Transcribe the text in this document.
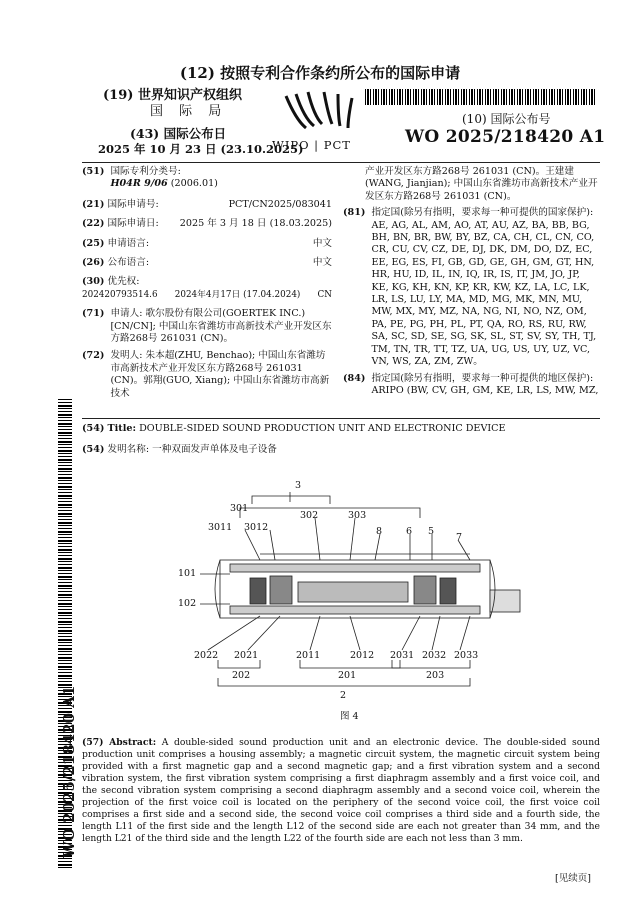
(12) 按照专利合作条约所公布的国际申请
(19) 世界知识产权组织
国 际 局
(43) 国际公布日
2025 年 10 月 23 日 (23.10.2025)
WIPO | PCT
(10) 国际公布号
WO 2025/218420 A1
(51) 国际专利分类号:
H04R 9/06 (2006.01)
(21) 国际申请号:	PCT/CN2025/083041
(22) 国际申请日: 2025 年 3 月 18 日 (18.03.2025)
(25) 申请语言:	中文
(26) 公布语言:	中文
(30) 优先权:
202420793514.6 2024年4月17日 (17.04.2024) CN
(71) 申请人: 歌尔股份有限公司(GOERTEK INC.) [CN/CN]; 中国山东省潍坊市高新技术产业开发区东方路268号 261031 (CN)。
(72) 发明人: 朱本超(ZHU, Benchao); 中国山东省潍坊市高新技术产业开发区东方路268号 261031 (CN)。郭翔(GUO, Xiang); 中国山东省潍坊市高新技术
产业开发区东方路268号 261031 (CN)。王建建 (WANG, Jianjian); 中国山东省潍坊市高新技术产业开发区东方路268号 261031 (CN)。
(81) 指定国(除另有指明，要求每一种可提供的国家保护): AE, AG, AL, AM, AO, AT, AU, AZ, BA, BB, BG, BH, BN, BR, BW, BY, BZ, CA, CH, CL, CN, CO, CR, CU, CV, CZ, DE, DJ, DK, DM, DO, DZ, EC, EE, EG, ES, FI, GB, GD, GE, GH, GM, GT, HN, HR, HU, ID, IL, IN, IQ, IR, IS, IT, JM, JO, JP, KE, KG, KH, KN, KP, KR, KW, KZ, LA, LC, LK, LR, LS, LU, LY, MA, MD, MG, MK, MN, MU, MW, MX, MY, MZ, NA, NG, NI, NO, NZ, OM, PA, PE, PG, PH, PL, PT, QA, RO, RS, RU, RW, SA, SC, SD, SE, SG, SK, SL, ST, SV, SY, TH, TJ, TM, TN, TR, TT, TZ, UA, UG, US, UY, UZ, VC, VN, WS, ZA, ZM, ZW。
(84) 指定国(除另有指明，要求每一种可提供的地区保护): ARIPO (BW, CV, GH, GM, KE, LR, LS, MW, MZ,
(54) Title: DOUBLE-SIDED SOUND PRODUCTION UNIT AND ELECTRONIC DEVICE
(54) 发明名称: 一种双面发声单体及电子设备
3
301
302	303
3011 3012	8	6 5
7
101
102
2022 2021	2011	2012 2031 2032 2033
202	201	203
2
图 4
WO 2025/218420 A1 (57) Abstract: A double-sided sound production unit and an electronic device. The double-sided sound production unit comprises a housing assembly; a magnetic circuit system, the magnetic circuit system being provided with a first magnetic gap and a second magnetic gap; and a first vibration system and a second vibration system, the first vibration system comprising a first diaphragm assembly and a first voice coil, and the second vibration system comprising a second diaphragm assembly and a second voice coil, wherein the projection of the first voice coil is located on the periphery of the second voice coil, the first voice coil comprises a first side and a second side, the second voice coil comprises a third side and a fourth side, the length L11 of the first side and the length L12 of the second side are each not greater than 34 mm, and the length L21 of the third side and the length L22 of the fourth side are each not less than 3 mm.
[见续页]
